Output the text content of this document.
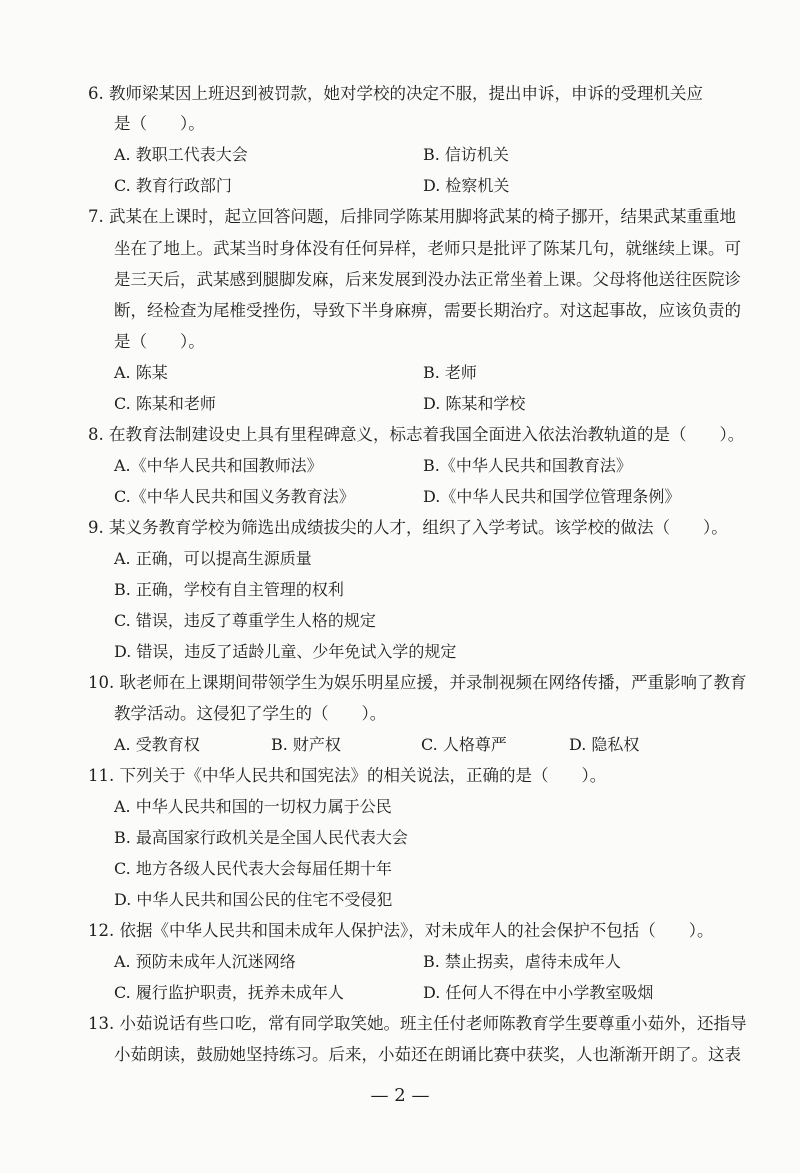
6. 教师梁某因上班迟到被罚款，她对学校的决定不服，提出申诉，申诉的受理机关应
是（　　）。
A. 教职工代表大会	B. 信访机关
C. 教育行政部门	D. 检察机关
7. 武某在上课时，起立回答问题，后排同学陈某用脚将武某的椅子挪开，结果武某重重地
坐在了地上。武某当时身体没有任何异样，老师只是批评了陈某几句，就继续上课。可
是三天后，武某感到腿脚发麻，后来发展到没办法正常坐着上课。父母将他送往医院诊
断，经检查为尾椎受挫伤，导致下半身麻痹，需要长期治疗。对这起事故，应该负责的
是（　　）。
A. 陈某	B. 老师
C. 陈某和老师	D. 陈某和学校
8. 在教育法制建设史上具有里程碑意义，标志着我国全面进入依法治教轨道的是（　　）。
A.《中华人民共和国教师法》	B.《中华人民共和国教育法》
C.《中华人民共和国义务教育法》	D.《中华人民共和国学位管理条例》
9. 某义务教育学校为筛选出成绩拔尖的人才，组织了入学考试。该学校的做法（　　）。
A. 正确，可以提高生源质量
B. 正确，学校有自主管理的权利
C. 错误，违反了尊重学生人格的规定
D. 错误，违反了适龄儿童、少年免试入学的规定
10. 耿老师在上课期间带领学生为娱乐明星应援，并录制视频在网络传播，严重影响了教育
教学活动。这侵犯了学生的（　　）。
A. 受教育权	B. 财产权	C. 人格尊严	D. 隐私权
11. 下列关于《中华人民共和国宪法》的相关说法，正确的是（　　）。
A. 中华人民共和国的一切权力属于公民
B. 最高国家行政机关是全国人民代表大会
C. 地方各级人民代表大会每届任期十年
D. 中华人民共和国公民的住宅不受侵犯
12. 依据《中华人民共和国未成年人保护法》，对未成年人的社会保护不包括（　　）。
A. 预防未成年人沉迷网络	B. 禁止拐卖，虐待未成年人
C. 履行监护职责，抚养未成年人	D. 任何人不得在中小学教室吸烟
13. 小茹说话有些口吃，常有同学取笑她。班主任付老师陈教育学生要尊重小茹外，还指导
小茹朗读，鼓励她坚持练习。后来，小茹还在朗诵比赛中获奖，人也渐渐开朗了。这表
— 2 —
